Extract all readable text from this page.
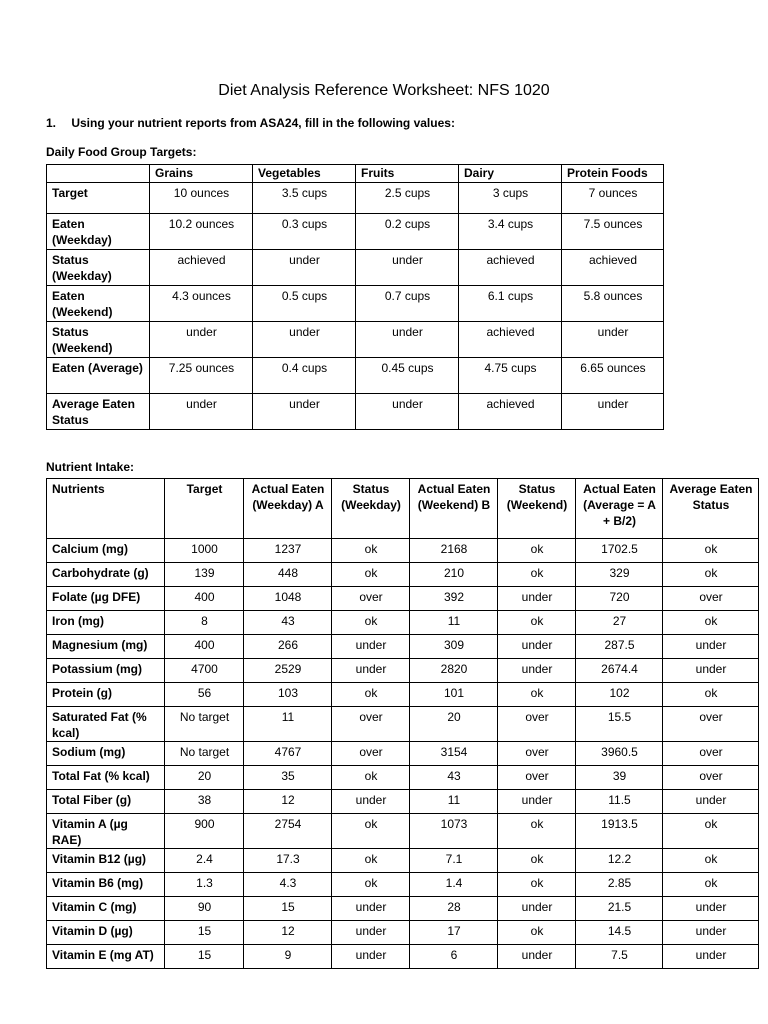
Diet Analysis Reference Worksheet: NFS 1020
1. Using your nutrient reports from ASA24, fill in the following values:
Daily Food Group Targets:
	Grains	Vegetables	Fruits	Dairy	Protein Foods
Target	10 ounces	3.5 cups	2.5 cups	3 cups	7 ounces
Eaten (Weekday)	10.2 ounces	0.3 cups	0.2 cups	3.4 cups	7.5 ounces
Status (Weekday)	achieved	under	under	achieved	achieved
Eaten (Weekend)	4.3 ounces	0.5 cups	0.7 cups	6.1 cups	5.8 ounces
Status (Weekend)	under	under	under	achieved	under
Eaten (Average)	7.25 ounces	0.4 cups	0.45 cups	4.75 cups	6.65 ounces
Average Eaten Status	under	under	under	achieved	under
Nutrient Intake:
Nutrients	Target	Actual Eaten (Weekday) A	Status (Weekday)	Actual Eaten (Weekend) B	Status (Weekend)	Actual Eaten (Average = A + B/2)	Average Eaten Status
Calcium (mg)	1000	1237	ok	2168	ok	1702.5	ok
Carbohydrate (g)	139	448	ok	210	ok	329	ok
Folate (µg DFE)	400	1048	over	392	under	720	over
Iron (mg)	8	43	ok	11	ok	27	ok
Magnesium (mg)	400	266	under	309	under	287.5	under
Potassium (mg)	4700	2529	under	2820	under	2674.4	under
Protein (g)	56	103	ok	101	ok	102	ok
Saturated Fat (% kcal)	No target	11	over	20	over	15.5	over
Sodium (mg)	No target	4767	over	3154	over	3960.5	over
Total Fat (% kcal)	20	35	ok	43	over	39	over
Total Fiber (g)	38	12	under	11	under	11.5	under
Vitamin A (µg RAE)	900	2754	ok	1073	ok	1913.5	ok
Vitamin B12 (µg)	2.4	17.3	ok	7.1	ok	12.2	ok
Vitamin B6 (mg)	1.3	4.3	ok	1.4	ok	2.85	ok
Vitamin C (mg)	90	15	under	28	under	21.5	under
Vitamin D (µg)	15	12	under	17	ok	14.5	under
Vitamin E (mg AT)	15	9	under	6	under	7.5	under
